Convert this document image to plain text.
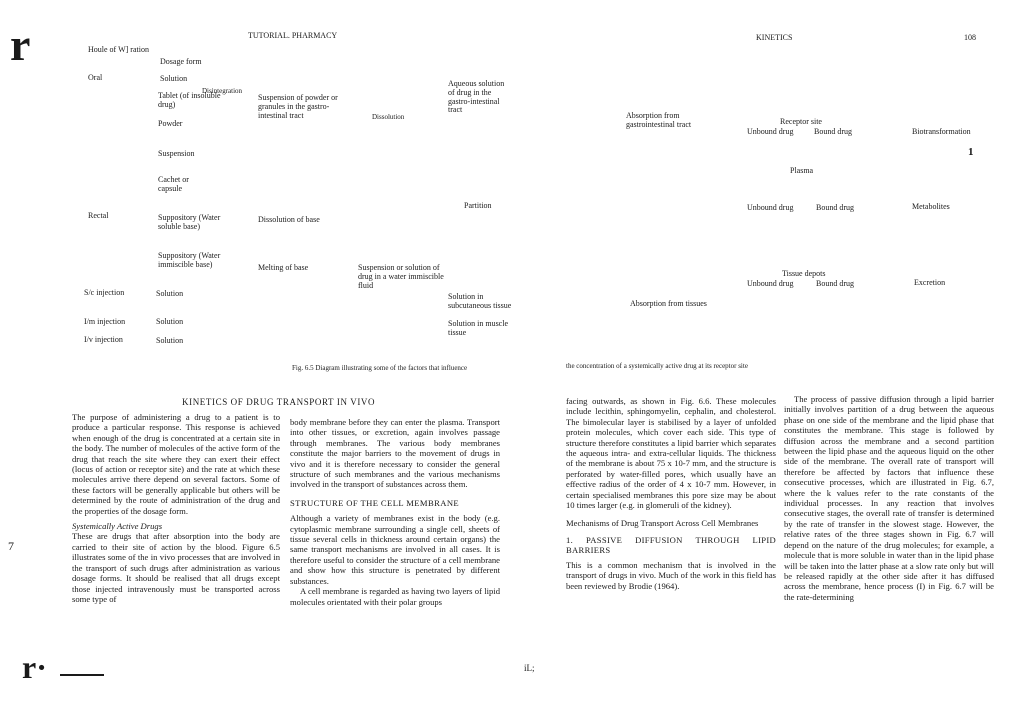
r	TUTORIAL. PHARMACY	KINETICS	108
Houle of W] ration
Dosage form
Oral
Rectal
S/c injection
I/m injection
I/v injection
Solution
Tablet (of insoluble drug)
Powder
Suspension
Cachet or capsule
Suppository (Water soluble base)
Suppository (Water immiscible base)
Solution
Solution
Solution
Disintegration
Suspension of powder or granules in the gastro-intestinal tract	Dissolution
Aqueous solution of drug in the gastro-intestinal tract
Partition
Dissolution of base
Melting of base	Suspension or solution of drug in a water immiscible fluid
Solution in subcutaneous tissue
Solution in muscle tissue
Absorption from gastrointestinal tract	Receptor site
Unbound drug	Bound drug	Biotransformation
Plasma
Unbound drug	Bound drug	Metabolites
Tissue depots
Unbound drug	Bound drug	Excretion
Absorption from tissues
Fig. 6.5 Diagram illustrating some of the factors that influence	the concentration of a systemically active drug at its receptor site
KINETICS OF DRUG TRANSPORT IN VIVO

The purpose of administering a drug to a patient is to produce a particular response. This response is achieved when enough of the drug is concentrated at a certain site in the body. The number of molecules of the active form of the drug that reach the site where they can exert their effect (locus of action or receptor site) and the rate at which these molecules arrive there depend on several factors. Some of these factors will be generally applicable but others will be determined by the route of administration of the drug and the properties of the dosage form.

Systemically Active Drugs

These are drugs that after absorption into the body are carried to their site of action by the blood. Figure 6.5 illustrates some of the in vivo processes that are involved in the transport of such drugs after administration as various dosage forms. It should be realised that all drugs except those injected intravenously must be transported across some type of

body membrane before they can enter the plasma. Transport into other tissues, or excretion, again involves passage through membranes. The various body membranes constitute the major barriers to the movement of drugs in vivo and it is therefore necessary to consider the general structure of such membranes and the various mechanisms involved in the transport of substances across them.

STRUCTURE OF THE CELL MEMBRANE

Although a variety of membranes exist in the body (e.g. cytoplasmic membrane surrounding a single cell, sheets of tissue several cells in thickness around certain organs) the same transport mechanisms are involved in all cases. It is therefore useful to consider the structure of a cell membrane and show how this structure is penetrated by different substances.

A cell membrane is regarded as having two layers of lipid molecules orientated with their polar groups

facing outwards, as shown in Fig. 6.6. These molecules include lecithin, sphingomyelin, cephalin, and cholesterol. The bimolecular layer is stabilised by a layer of unfolded protein molecules, which cover each side. This type of structure therefore constitutes a lipid barrier which separates the aqueous intra- and extra-cellular liquids. The thickness of the membrane is about 75 x 10-7 mm, and the structure is perforated by water-filled pores, which usually have an effective radius of the order of 4 x 10-7 mm. However, in certain specialised membranes this pore size may be about 10 times larger (e.g. in glomeruli of the kidney).

Mechanisms of Drug Transport Across Cell Membranes

1. PASSIVE DIFFUSION THROUGH LIPID BARRIERS

This is a common mechanism that is involved in the transport of drugs in vivo. Much of the work in this field has been reviewed by Brodie (1964).

The process of passive diffusion through a lipid barrier initially involves partition of a drug between the aqueous phase on one side of the membrane and the lipid phase that constitutes the membrane. This stage is followed by diffusion across the membrane and a second partition between the lipid phase and the aqueous liquid on the other side of the membrane. The overall rate of transport will therefore be affected by factors that influence these consecutive processes, which are illustrated in Fig. 6.7, where the k values refer to the rate constants of the individual processes. In any reaction that involves consecutive stages, the overall rate of transfer is determined by the rate of transfer in the slowest stage. However, the relative rates of the three stages shown in Fig. 6.7 will depend on the nature of the drug molecules; for example, a molecule that is more soluble in water than in the lipid phase will be taken into the latter phase at a slow rate only but will be released rapidly at the other side after it has diffused across the membrane, hence process (I) in Fig. 6.7 will be the rate-determining

7
1
r·	iL;
